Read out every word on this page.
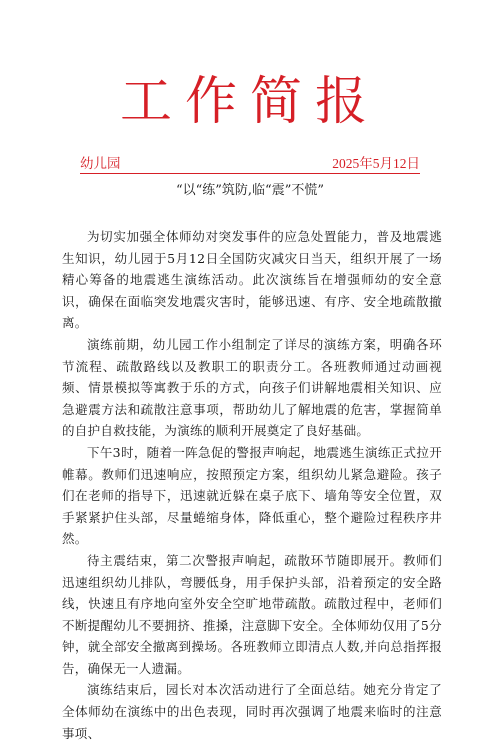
工作简报
幼儿园	2025年5月12日
“以“练”筑防,临“震”不慌”

为切实加强全体师幼对突发事件的应急处置能力，普及地震逃生知识，幼儿园于5月12日全国防灾减灾日当天，组织开展了一场精心筹备的地震逃生演练活动。此次演练旨在增强师幼的安全意识，确保在面临突发地震灾害时，能够迅速、有序、安全地疏散撤离。

演练前期，幼儿园工作小组制定了详尽的演练方案，明确各环节流程、疏散路线以及教职工的职责分工。各班教师通过动画视频、情景模拟等寓教于乐的方式，向孩子们讲解地震相关知识、应急避震方法和疏散注意事项，帮助幼儿了解地震的危害，掌握简单的自护自救技能，为演练的顺利开展奠定了良好基础。

下午3时，随着一阵急促的警报声响起，地震逃生演练正式拉开帷幕。教师们迅速响应，按照预定方案，组织幼儿紧急避险。孩子们在老师的指导下，迅速就近躲在桌子底下、墙角等安全位置，双手紧紧护住头部，尽量蜷缩身体，降低重心，整个避险过程秩序井然。

待主震结束，第二次警报声响起，疏散环节随即展开。教师们迅速组织幼儿排队，弯腰低身，用手保护头部，沿着预定的安全路线，快速且有序地向室外安全空旷地带疏散。疏散过程中，老师们不断提醒幼儿不要拥挤、推搡，注意脚下安全。全体师幼仅用了5分钟，就全部安全撤离到操场。各班教师立即清点人数,并向总指挥报告，确保无一人遗漏。

演练结束后，园长对本次活动进行了全面总结。她充分肯定了全体师幼在演练中的出色表现，同时再次强调了地震来临时的注意事项、
